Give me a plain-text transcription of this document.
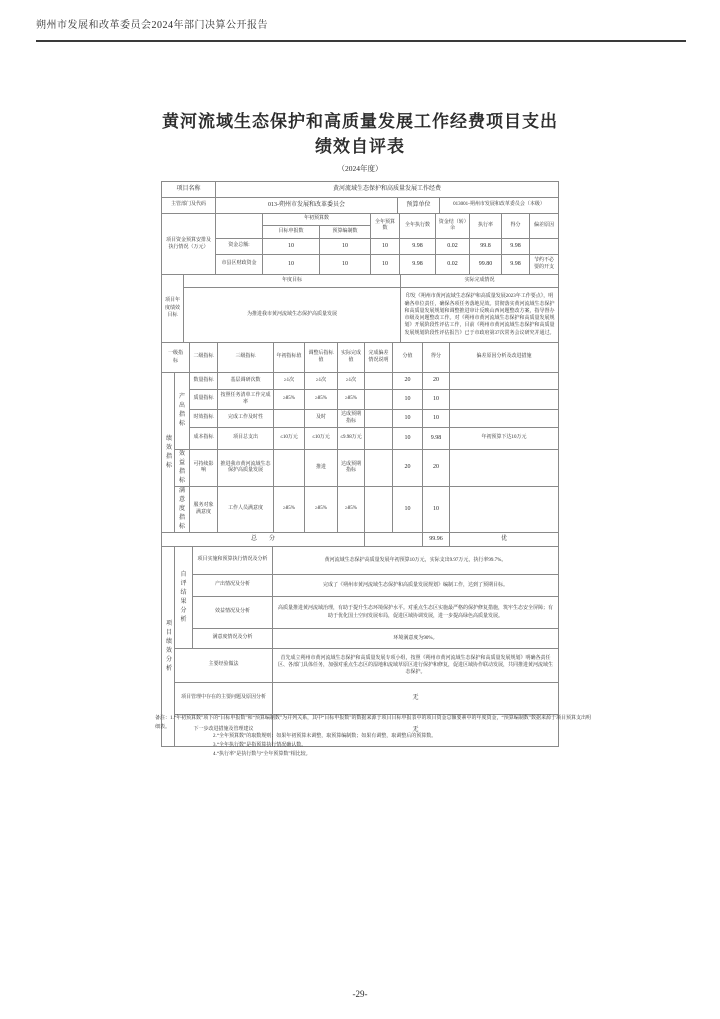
朔州市发展和改革委员会2024年部门决算公开报告
黄河流域生态保护和高质量发展工作经费项目支出
绩效自评表
（2024年度）
项目名称	黄河流域生态保护和高质量发展工作经费		
主管部门及代码	013-朔州市发展和改革委员会	预算单位	013001-朔州市发展和改革委员会（本级）
项目资金预算安排及执行情况（万元）		年初预算数		全年预算数	全年执行数	资金结（转）余	执行率	得分	偏差原因
		目标申报数	预算编制数						
	资金总额:	10	10	10	9.98	0.02	99.8	9.98	
	市县区财政资金	10	10	10	9.98	0.02	99.80	9.98	节约不必要的开支
项目年度绩效目标	年度目标	实际完成情况
	为推进我市黄河流域生态保护高质量发展	印发《朔州市黄河流域生态保护和高质量发展2023年工作要点》，明确各单位责任，确保各项任务落地见效。贯彻落实黄河流域生态保护和高质量发展规划和调整推进审计反映山西问题整改方案，指导督办市级及问题整改工作。对《朔州市黄河流域生态保护和高质量发展规划》开展阶段性评估工作，目前《朔州市黄河流域生态保护和高质量发展规划阶段性评估报告》已于市政府第37次常务会议研究并通过。
一级指标		二级指标	三级指标	年初指标值	调整后指标值	实际完成值	完成偏差情况说明	分值	得分	偏差原因分析及改进措施
绩效指标	产出指标	数量指标	基层调研次数	≥1次	≥1次	≥1次		20	20	
		质量指标	按照任务清单工作完成率	≥85%	≥85%	≥85%		10	10	
		时效指标	完成工作及时性		及时	达成预期指标		10	10	
		成本指标	项目总支出	≤10万元	≤10万元	≤9.98万元		10	9.98	年初预算下达10万元
	效益指标	可持续影响	推进我市黄河流域生态保护高质量发展		推进	达成预期指标		20	20	
	满意度指标	服务对象满意度	工作人员满意度	≥85%	≥85%	≥85%		10	10	
总　　分									99.96	优
项目绩效分析	自评结果分析	项目实施和预算执行情况及分析	黄河流域生态保护高质量发展年初预算10万元，实际支出9.97万元，执行率99.7%。
		产出情况及分析	完成了《朔州市黄河流域生态保护和高质量发展规划》编制工作，达到了预期目标。
		效益情况及分析	高质量推进黄河流域治理，有助于提升生态环境保护水平。对重点生态区实施最严格的保护修复措施，筑牢生态安全屏障；有助于优化国土空间发展布局，促进区域协调发展，进一步提高绿色高质量发展。
		满意度情况及分析	环境满意度为90%。
	主要经验做法		首先成立朔州市黄河流域生态保护和高质量发展专项小组，按照《朔州市黄河流域生态保护和高质量发展规划》明确各责任区、各部门具体任务，加强对重点生态区的湿地和流域草原区进行保护和修复，促进区域协作联动发展，共同推进黄河流域生态保护。
	项目管理中存在的主要问题及原因分析		无
	下一步改进措施及管理建议		无
备注：1.“年初预算数”项下的“目标申报数”和“预算编制数”为并列关系，其中“目标申报数”的数据来源于项目目标申报表中的项目资金总额要素中的年度资金，“预算编制数”数据来源于项目预算支出明细表。
2.“全年预算数”的取数规则：如果年初预算未调整，取预算编制数；如果有调整，取调整后的预算数。
3.“全年执行数”是指预算执行情况确认数。
4.“执行率”是执行数与“全年预算数”相比较。
-29-
